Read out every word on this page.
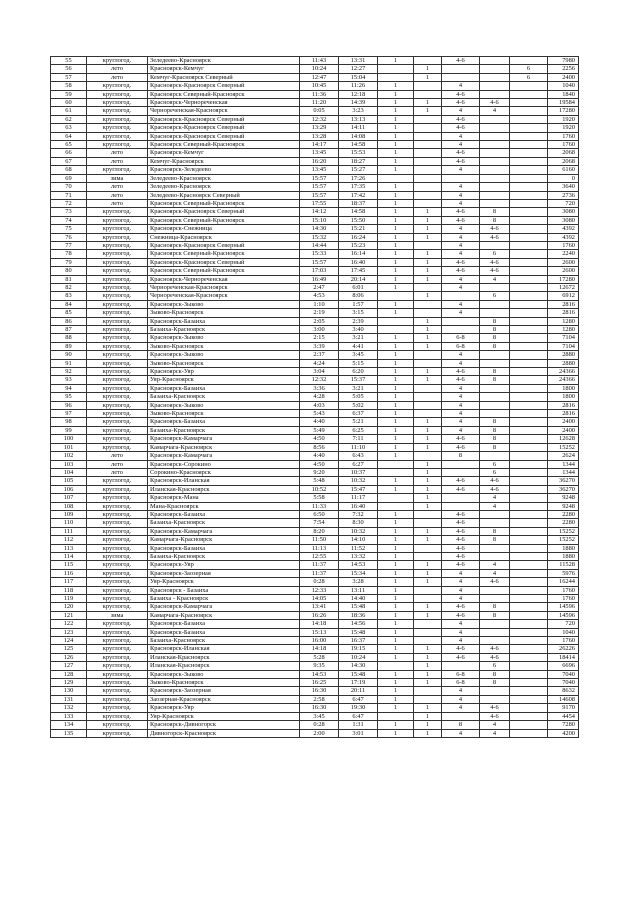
55	круглогод.	Зеледеево-Красноярск	11:43	13:31	1		4-6			7980
56	лето	Красноярск-Кемчуг	10:24	12:27		1			6	2256
57	лето	Кемчуг-Красноярск Северный	12:47	15:04		1			6	2400
58	круглогод.	Красноярск-Красноярск Северный	10:45	11:26	1		4			1040
59	круглогод.	Красноярск Северный-Красноярск	11:36	12:18	1		4-6			1840
60	круглогод.	Красноярск-Чернореченская	11:20	14:39	1	1	4-6	4-6		19584
61	круглогод.	Чернореченская-Красноярск	0:05	3:23	1	1	4	4		17280
62	круглогод.	Красноярск-Красноярск Северный	12:32	13:13	1		4-6			1920
63	круглогод.	Красноярск-Красноярск Северный	13:29	14:11	1		4-6			1920
64	круглогод.	Красноярск-Красноярск Северный	13:28	14:08	1		4			1760
65	круглогод.	Красноярск Северный-Красноярск	14:17	14:58	1		4			1760
66	лето	Красноярск-Кемчуг	13:45	15:53	1		4-6			2068
67	лето	Кемчуг-Красноярск	16:20	18:27	1		4-6			2068
68	круглогод.	Красноярск-Зеледеево	13:45	15:27	1		4			6160
69	зима	Зеледеево-Красноярск	15:57	17:26						0
70	лето	Зеледеево-Красноярск	15:57	17:35	1		4			3640
71	лето	Зеледеево-Красноярск Северный	15:57	17:42	1		4			2736
72	лето	Красноярск Северный-Красноярск	17:55	18:37	1		4			720
73	круглогод.	Красноярск-Красноярск Северный	14:12	14:58	1	1	4-6	8		3080
74	круглогод.	Красноярск Северный-Красноярск	15:10	15:50	1	1	4-6	8		3080
75	круглогод.	Красноярск-Снежница	14:30	15:21	1	1	4	4-6		4392
76	круглогод.	Снежница-Красноярск	15:32	16:24	1	1	4	4-6		4392
77	круглогод.	Красноярск-Красноярск Северный	14:44	15:23	1		4			1760
78	круглогод.	Красноярск Северный-Красноярск	15:33	16:14	1	1	4	6		2240
79	круглогод.	Красноярск-Красноярск Северный	15:57	16:40	1	1	4-6	4-6		2600
80	круглогод.	Красноярск Северный-Красноярск	17:03	17:45	1	1	4-6	4-6		2600
81	круглогод.	Красноярск-Чернореченская	16:49	20:14	1	1	4	4		17280
82	круглогод.	Чернореченская-Красноярск	2:47	6:01	1		4			12672
83	круглогод.	Чернореченская-Красноярск	4:53	8:06		1		6		6912
84	круглогод.	Красноярск-Зыково	1:10	1:57	1		4			2816
85	круглогод.	Зыково-Красноярск	2:19	3:15	1		4			2816
86	круглогод.	Красноярск-Базаиха	2:05	2:39		1		8		1280
87	круглогод.	Базаиха-Красноярск	3:00	3:40		1		8		1280
88	круглогод.	Красноярск-Зыково	2:15	3:21	1	1	6-8	8		7104
89	круглогод.	Зыково-Красноярск	3:39	4:41	1	1	6-8	8		7104
90	круглогод.	Красноярск-Зыково	2:37	3:45	1		4			2880
91	круглогод.	Зыково-Красноярск	4:24	5:15	1		4			2880
92	круглогод.	Красноярск-Уяр	3:04	6:20	1	1	4-6	8		24366
93	круглогод.	Уяр-Красноярск	12:32	15:37	1	1	4-6	8		24366
94	круглогод.	Красноярск-Базаиха	3:36	3:21	1		4			1800
95	круглогод.	Базаиха-Красноярск	4:28	5:05	1		4			1800
96	круглогод.	Красноярск-Зыково	4:03	5:02	1		4			2816
97	круглогод.	Зыково-Красноярск	5:43	6:37	1		4			2816
98	круглогод.	Красноярск-Базаиха	4:40	5:21	1	1	4	8		2400
99	круглогод.	Базаиха-Красноярск	5:49	6:25	1	1	4	8		2400
100	круглогод.	Красноярск-Камарчага	4:50	7:11	1	1	4-6	8		12628
101	круглогод.	Камарчага-Красноярск	8:56	11:10	1	1	4-6	8		15252
102	лето	Красноярск-Камарчага	4:40	6:43	1		8			2624
103	лето	Красноярск-Сорокино	4:50	6:27		1		6		1344
104	лето	Сорокино-Красноярск	9:20	10:37		1		6		1344
105	круглогод.	Красноярск-Иланская	5:48	10:32	1	1	4-6	4-6		36270
106	круглогод.	Иланская-Красноярск	10:52	15:47	1	1	4-6	4-6		36270
107	круглогод.	Красноярск-Мана	5:58	11:17		1		4		9248
108	круглогод.	Мана-Красноярск	11:33	16:40		1		4		9248
109	круглогод.	Красноярск-Базаиха	6:50	7:32	1		4-6			2280
110	круглогод.	Базаиха-Красноярск	7:54	8:30	1		4-6			2280
111	круглогод.	Красноярск-Камарчага	8:20	10:32	1	1	4-6	8		15252
112	круглогод.	Камарчага-Красноярск	11:50	14:10	1	1	4-6	8		15252
113	круглогод.	Красноярск-Базаиха	11:13	11:52	1		4-6			1880
114	круглогод.	Базаиха-Красноярск	12:55	13:32	1		4-6			1880
115	круглогод.	Красноярск-Уяр	11:37	14:53	1	1	4-6	4		11528
116	круглогод.	Красноярск-Заозерная	11:37	15:34	1	1	4	4		5976
117	круглогод.	Уяр-Красноярск	0:28	3:28	1	1	4	4-6		16244
118	круглогод.	Красноярск - Базаиха	12:33	13:11	1		4			1760
119	круглогод.	Базаиха - Красноярск	14:05	14:40	1		4			1760
120	круглогод.	Красноярск-Камарчага	13:41	15:48	1	1	4-6	8		14596
121	зима	Камарчага-Красноярск	16:26	18:36	1	1	4-6	8		14596
122	круглогод.	Красноярск-Базаиха	14:18	14:56	1		4			720
123	круглогод.	Красноярск-Базаиха	15:13	15:48	1		4			1040
124	круглогод.	Базаиха-Красноярск	16:00	16:37	1		4			1760
125	круглогод.	Красноярск-Иланская	14:18	19:15	1	1	4-6	4-6		26226
126	круглогод.	Иланская-Красноярск	5:28	10:24	1	1	4-6	4-6		18414
127	круглогод.	Иланская-Красноярск	9:35	14:30		1		6		6696
128	круглогод.	Красноярск-Зыково	14:53	15:48	1	1	6-8	8		7040
129	круглогод.	Зыково-Красноярск	16:25	17:19	1	1	6-8	8		7040
130	круглогод.	Красноярск-Заозерная	16:30	20:11	1		4			8632
131	круглогод.	Заозерная-Красноярск	2:58	6:47	1		4			14608
132	круглогод.	Красноярск-Уяр	16:30	19:30	1	1	4	4-6		9170
133	круглогод.	Уяр-Красноярск	3:45	6:47		1		4-6		4454
134	круглогод.	Красноярск-Дивногорск	0:28	1:31	1	1	8	4		7280
135	круглогод.	Дивногорск-Красноярск	2:00	3:01	1	1	4	4		4200
